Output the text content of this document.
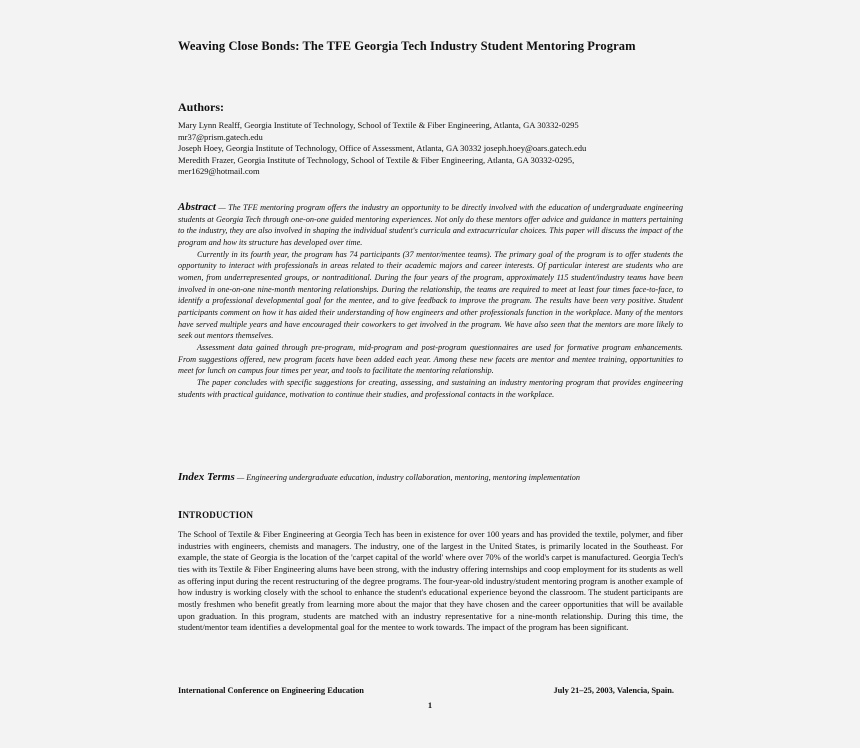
Weaving Close Bonds: The TFE Georgia Tech Industry Student Mentoring Program
Authors:
Mary Lynn Realff, Georgia Institute of Technology, School of Textile & Fiber Engineering, Atlanta, GA 30332-0295
mr37@prism.gatech.edu
Joseph Hoey, Georgia Institute of Technology, Office of Assessment, Atlanta, GA 30332 joseph.hoey@oars.gatech.edu
Meredith Frazer, Georgia Institute of Technology, School of Textile & Fiber Engineering, Atlanta, GA 30332-0295,
mer1629@hotmail.com

Abstract — The TFE mentoring program offers the industry an opportunity to be directly involved with the education of undergraduate engineering students at Georgia Tech through one-on-one guided mentoring experiences. Not only do these mentors offer advice and guidance in matters pertaining to the industry, they are also involved in shaping the individual student's curricula and extracurricular choices. This paper will discuss the impact of the program and how its structure has developed over time.

Currently in its fourth year, the program has 74 participants (37 mentor/mentee teams). The primary goal of the program is to offer students the opportunity to interact with professionals in areas related to their academic majors and career interests. Of particular interest are students who are women, from underrepresented groups, or nontraditional. During the four years of the program, approximately 115 student/industry teams have been involved in one-on-one nine-month mentoring relationships. During the relationship, the teams are required to meet at least four times face-to-face, to identify a professional developmental goal for the mentee, and to give feedback to improve the program. The results have been very positive. Student participants comment on how it has aided their understanding of how engineers and other professionals function in the workplace. Many of the mentors have served multiple years and have encouraged their coworkers to get involved in the program. We have also seen that the mentors are more likely to seek out mentors themselves.

Assessment data gained through pre-program, mid-program and post-program questionnaires are used for formative program enhancements. From suggestions offered, new program facets have been added each year. Among these new facets are mentor and mentee training, opportunities to meet for lunch on campus four times per year, and tools to facilitate the mentoring relationship.

The paper concludes with specific suggestions for creating, assessing, and sustaining an industry mentoring program that provides engineering students with practical guidance, motivation to continue their studies, and professional contacts in the workplace.

Index Terms — Engineering undergraduate education, industry collaboration, mentoring, mentoring implementation
INTRODUCTION

The School of Textile & Fiber Engineering at Georgia Tech has been in existence for over 100 years and has provided the textile, polymer, and fiber industries with engineers, chemists and managers. The industry, one of the largest in the United States, is primarily located in the Southeast. For example, the state of Georgia is the location of the 'carpet capital of the world' where over 70% of the world's carpet is manufactured. Georgia Tech's ties with its Textile & Fiber Engineering alums have been strong, with the industry offering internships and coop employment for its students as well as offering input during the recent restructuring of the degree programs. The four-year-old industry/student mentoring program is another example of how industry is working closely with the school to enhance the student's educational experience beyond the classroom. The student participants are mostly freshmen who benefit greatly from learning more about the major that they have chosen and the career opportunities that will be available upon graduation. In this program, students are matched with an industry representative for a nine-month relationship. During this time, the student/mentor team identifies a developmental goal for the mentee to work towards. The impact of the program has been significant.

International Conference on Engineering Education	July 21–25, 2003, Valencia, Spain.
1
